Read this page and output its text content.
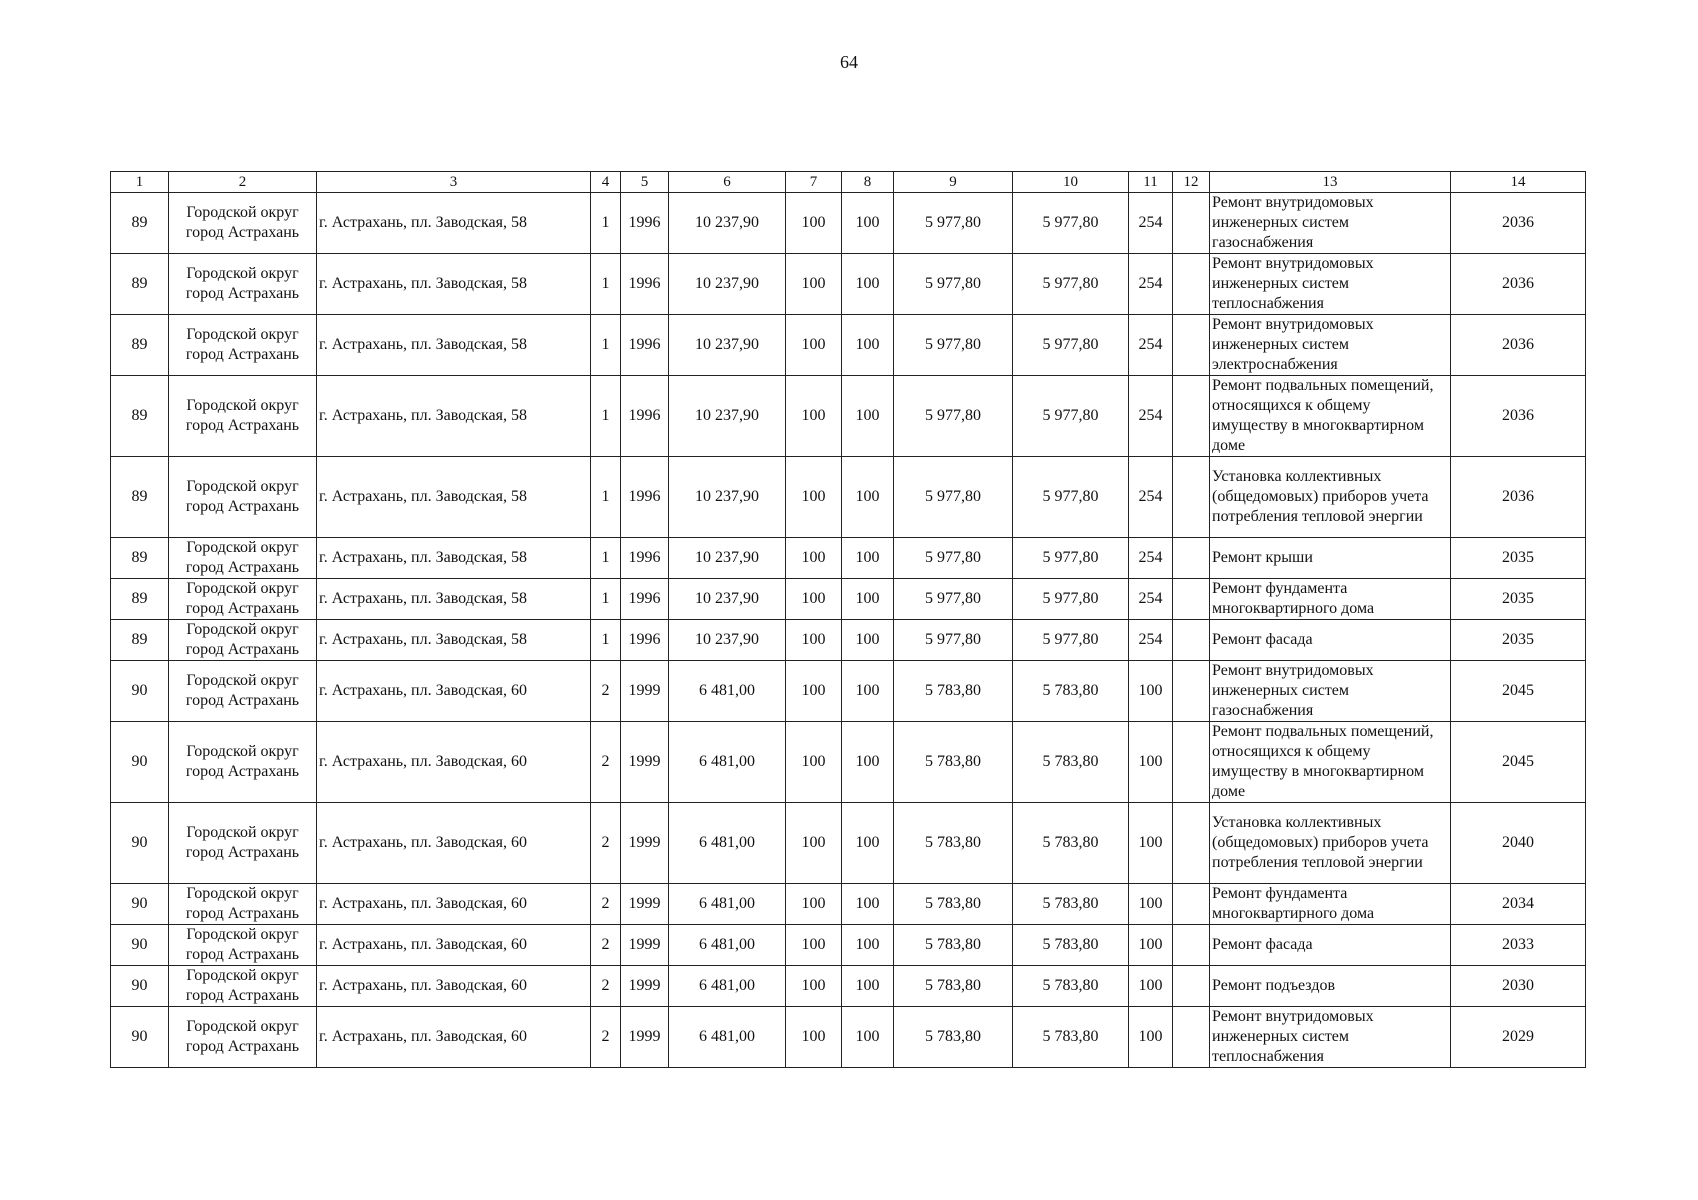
64
1	2	3	4	5	6	7	8	9	10	11	12	13	14
89	Городской округ город Астрахань	г. Астрахань, пл. Заводская, 58	1	1996	10 237,90	100	100	5 977,80	5 977,80	254		Ремонт внутридомовых инженерных систем газоснабжения	2036
89	Городской округ город Астрахань	г. Астрахань, пл. Заводская, 58	1	1996	10 237,90	100	100	5 977,80	5 977,80	254		Ремонт внутридомовых инженерных систем теплоснабжения	2036
89	Городской округ город Астрахань	г. Астрахань, пл. Заводская, 58	1	1996	10 237,90	100	100	5 977,80	5 977,80	254		Ремонт внутридомовых инженерных систем электроснабжения	2036
89	Городской округ город Астрахань	г. Астрахань, пл. Заводская, 58	1	1996	10 237,90	100	100	5 977,80	5 977,80	254		Ремонт подвальных помещений, относящихся к общему имуществу в многоквартирном доме	2036
89	Городской округ город Астрахань	г. Астрахань, пл. Заводская, 58	1	1996	10 237,90	100	100	5 977,80	5 977,80	254		Установка коллективных (общедомовых) приборов учета потребления тепловой энергии	2036
89	Городской округ город Астрахань	г. Астрахань, пл. Заводская, 58	1	1996	10 237,90	100	100	5 977,80	5 977,80	254		Ремонт крыши	2035
89	Городской округ город Астрахань	г. Астрахань, пл. Заводская, 58	1	1996	10 237,90	100	100	5 977,80	5 977,80	254		Ремонт фундамента многоквартирного дома	2035
89	Городской округ город Астрахань	г. Астрахань, пл. Заводская, 58	1	1996	10 237,90	100	100	5 977,80	5 977,80	254		Ремонт фасада	2035
90	Городской округ город Астрахань	г. Астрахань, пл. Заводская, 60	2	1999	6 481,00	100	100	5 783,80	5 783,80	100		Ремонт внутридомовых инженерных систем газоснабжения	2045
90	Городской округ город Астрахань	г. Астрахань, пл. Заводская, 60	2	1999	6 481,00	100	100	5 783,80	5 783,80	100		Ремонт подвальных помещений, относящихся к общему имуществу в многоквартирном доме	2045
90	Городской округ город Астрахань	г. Астрахань, пл. Заводская, 60	2	1999	6 481,00	100	100	5 783,80	5 783,80	100		Установка коллективных (общедомовых) приборов учета потребления тепловой энергии	2040
90	Городской округ город Астрахань	г. Астрахань, пл. Заводская, 60	2	1999	6 481,00	100	100	5 783,80	5 783,80	100		Ремонт фундамента многоквартирного дома	2034
90	Городской округ город Астрахань	г. Астрахань, пл. Заводская, 60	2	1999	6 481,00	100	100	5 783,80	5 783,80	100		Ремонт фасада	2033
90	Городской округ город Астрахань	г. Астрахань, пл. Заводская, 60	2	1999	6 481,00	100	100	5 783,80	5 783,80	100		Ремонт подъездов	2030
90	Городской округ город Астрахань	г. Астрахань, пл. Заводская, 60	2	1999	6 481,00	100	100	5 783,80	5 783,80	100		Ремонт внутридомовых инженерных систем теплоснабжения	2029
